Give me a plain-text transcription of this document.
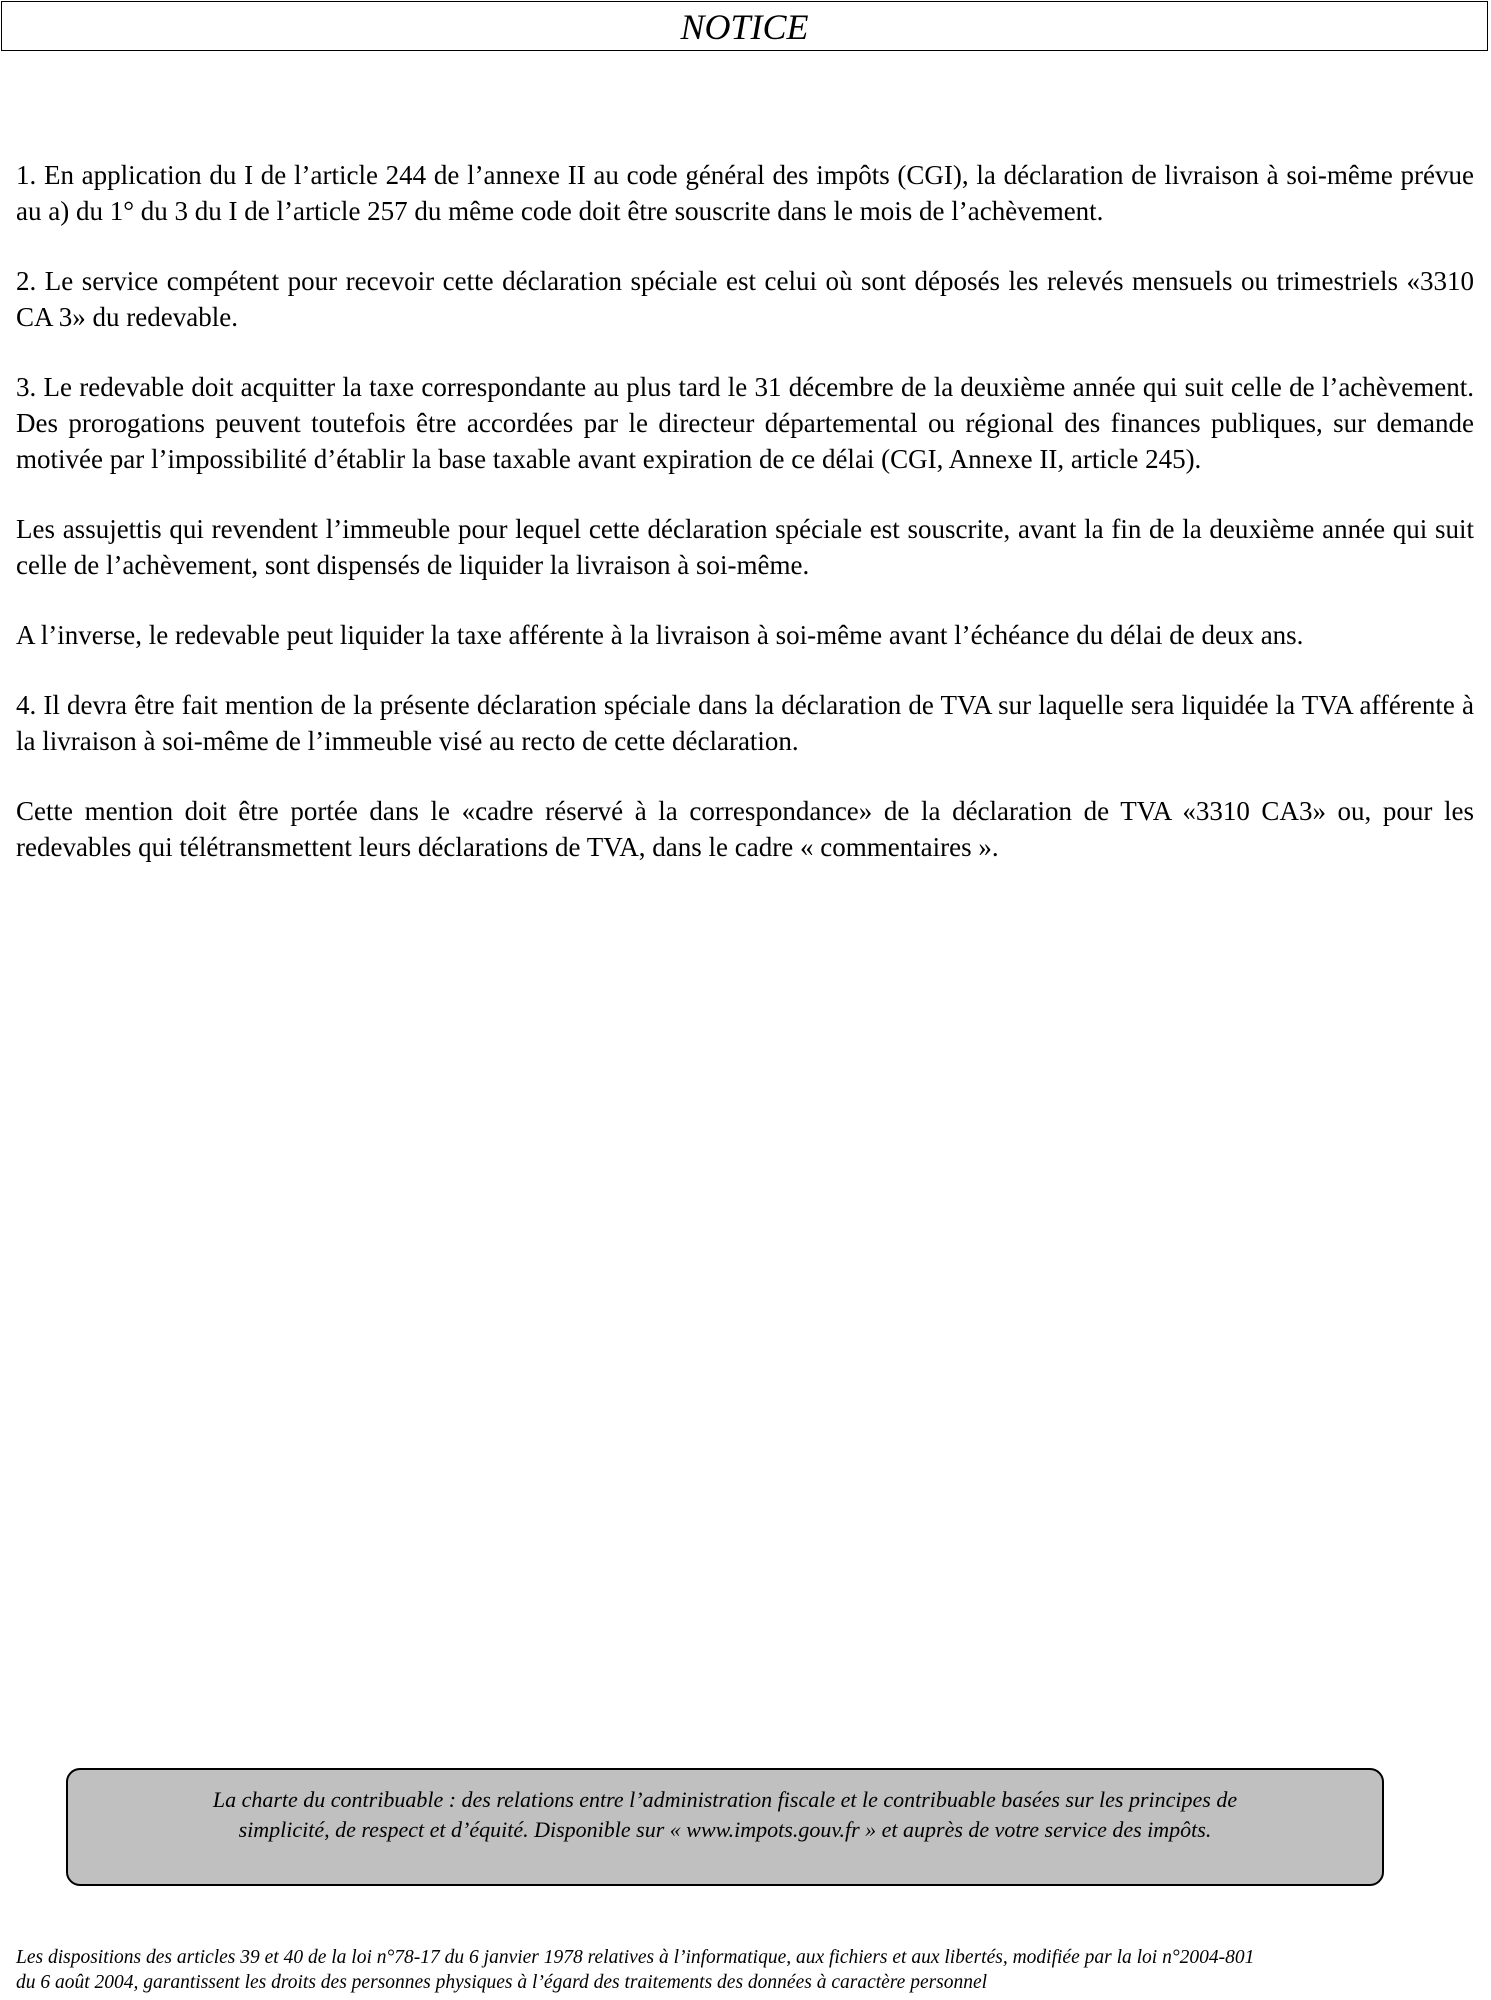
NOTICE

1. En application du I de l’article 244 de l’annexe II au code général des impôts (CGI), la déclaration de livraison à soi-même prévue au a) du 1° du 3 du I de l’article 257 du même code doit être souscrite dans le mois de l’achèvement.

2. Le service compétent pour recevoir cette déclaration spéciale est celui où sont déposés les relevés mensuels ou trimestriels «3310 CA 3» du redevable.

3. Le redevable doit acquitter la taxe correspondante au plus tard le 31 décembre de la deuxième année qui suit celle de l’achèvement. Des prorogations peuvent toutefois être accordées par le directeur départemental ou régional des finances publiques, sur demande motivée par l’impossibilité d’établir la base taxable avant expiration de ce délai (CGI, Annexe II, article 245).

Les assujettis qui revendent l’immeuble pour lequel cette déclaration spéciale est souscrite, avant la fin de la deuxième année qui suit celle de l’achèvement, sont dispensés de liquider la livraison à soi-même.

A l’inverse, le redevable peut liquider la taxe afférente à la livraison à soi-même avant l’échéance du délai de deux ans.

4. Il devra être fait mention de la présente déclaration spéciale dans la déclaration de TVA sur laquelle sera liquidée la TVA afférente à la livraison à soi-même de l’immeuble visé au recto de cette déclaration.

Cette mention doit être portée dans le «cadre réservé à la correspondance» de la déclaration de TVA «3310 CA3» ou, pour les redevables qui télétransmettent leurs déclarations de TVA, dans le cadre « commentaires ».

La charte du contribuable : des relations entre l’administration fiscale et le contribuable basées sur les principes de
simplicité, de respect et d’équité. Disponible sur « www.impots.gouv.fr » et auprès de votre service des impôts.
Les dispositions des articles 39 et 40 de la loi n°78-17 du 6 janvier 1978 relatives à l’informatique, aux fichiers et aux libertés, modifiée par la loi n°2004-801
du 6 août 2004, garantissent les droits des personnes physiques à l’égard des traitements des données à caractère personnel
